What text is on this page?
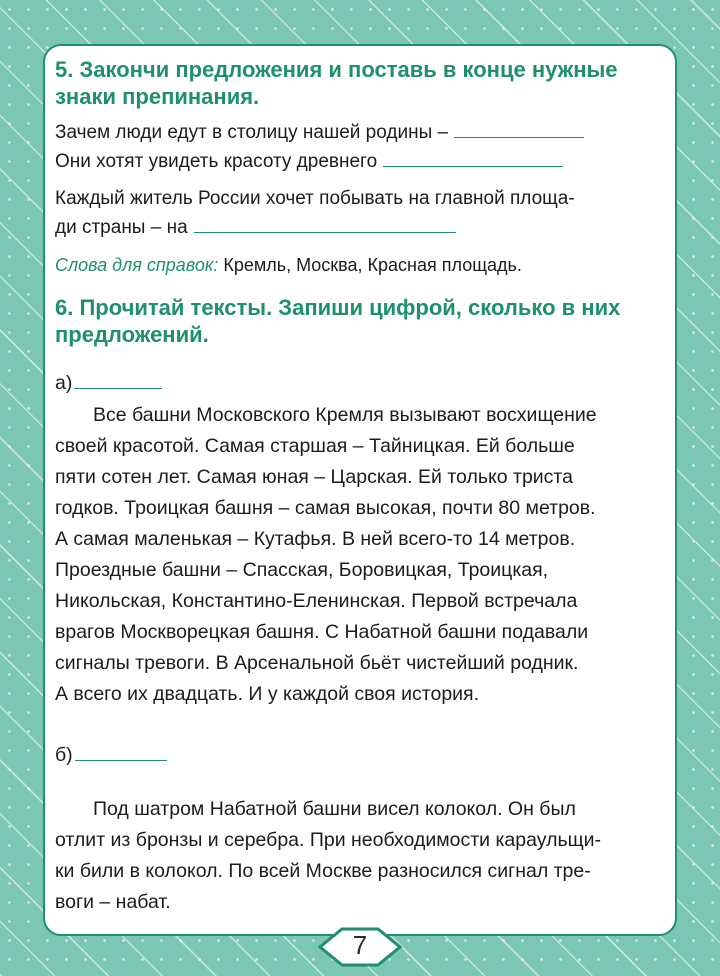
5. Закончи предложения и поставь в конце нужные знаки препинания.

Зачем люди едут в столицу нашей родины –

Они хотят увидеть красоту древнего

Каждый житель России хочет побывать на главной площа-

ди страны – на

Слова для справок: Кремль, Москва, Красная площадь.

6. Прочитай тексты. Запиши цифрой, сколько в них предложений.

а)

Все башни Московского Кремля вызывают восхищение

своей красотой. Самая старшая – Тайницкая. Ей больше

пяти сотен лет. Самая юная – Царская. Ей только триста

годков. Троицкая башня – самая высокая, почти 80 метров.

А самая маленькая – Кутафья. В ней всего-то 14 метров.

Проездные башни – Спасская, Боровицкая, Троицкая,

Никольская, Константино-Еленинская. Первой встречала

врагов Москворецкая башня. С Набатной башни подавали

сигналы тревоги. В Арсенальной бьёт чистейший родник.

А всего их двадцать. И у каждой своя история.

б)

Под шатром Набатной башни висел колокол. Он был

отлит из бронзы и серебра. При необходимости караульщи-

ки били в колокол. По всей Москве разносился сигнал тре-

воги – набат.

7
